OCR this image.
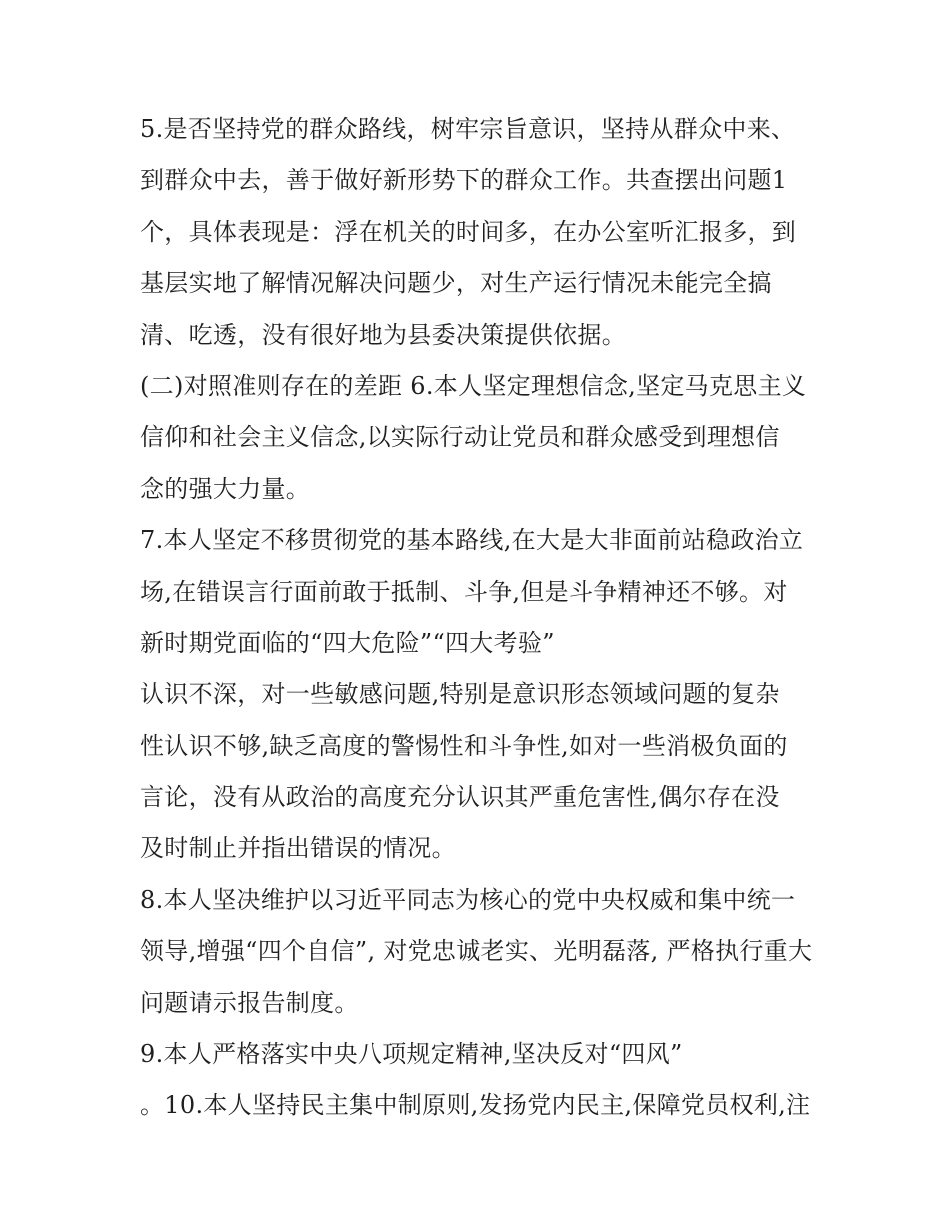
5.是否坚持党的群众路线，树牢宗旨意识，坚持从群众中来、
到群众中去，善于做好新形势下的群众工作。共查摆出问题1
个，具体表现是：浮在机关的时间多，在办公室听汇报多，到
基层实地了解情况解决问题少，对生产运行情况未能完全搞
清、吃透，没有很好地为县委决策提供依据。
(二)对照准则存在的差距 6.本人坚定理想信念,坚定马克思主义
信仰和社会主义信念,以实际行动让党员和群众感受到理想信
念的强大力量。
7.本人坚定不移贯彻党的基本路线,在大是大非面前站稳政治立
场,在错误言行面前敢于抵制、斗争,但是斗争精神还不够。对
新时期党面临的“四大危险”“四大考验”
认识不深，对一些敏感问题,特别是意识形态领域问题的复杂
性认识不够,缺乏高度的警惕性和斗争性,如对一些消极负面的
言论，没有从政治的高度充分认识其严重危害性,偶尔存在没
及时制止并指出错误的情况。
8.本人坚决维护以习近平同志为核心的党中央权威和集中统一
领导,增强“四个自信”, 对党忠诚老实、光明磊落, 严格执行重大
问题请示报告制度。
9.本人严格落实中央八项规定精神,坚决反对“四风”
。10.本人坚持民主集中制原则,发扬党内民主,保障党员权利,注
